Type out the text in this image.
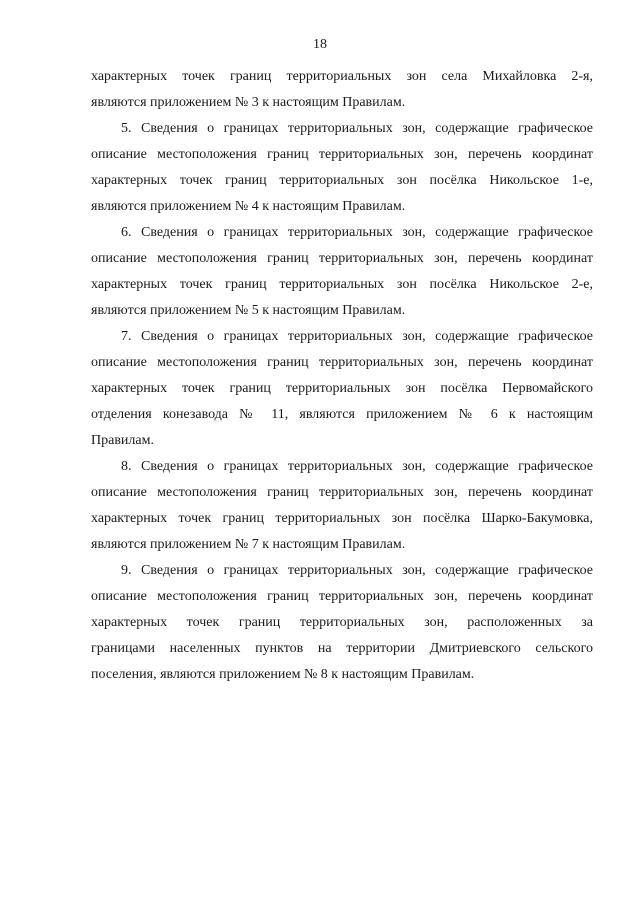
18
характерных точек границ территориальных зон села Михайловка 2-я,
являются приложением № 3 к настоящим Правилам.
5. Сведения о границах территориальных зон, содержащие графическое
описание местоположения границ территориальных зон, перечень координат
характерных точек границ территориальных зон посёлка Никольское 1-е,
являются приложением № 4 к настоящим Правилам.
6. Сведения о границах территориальных зон, содержащие графическое
описание местоположения границ территориальных зон, перечень координат
характерных точек границ территориальных зон посёлка Никольское 2-е,
являются приложением № 5 к настоящим Правилам.
7. Сведения о границах территориальных зон, содержащие графическое
описание местоположения границ территориальных зон, перечень координат
характерных точек границ территориальных зон посёлка Первомайского
отделения конезавода № 11, являются приложением № 6 к настоящим
Правилам.
8. Сведения о границах территориальных зон, содержащие графическое
описание местоположения границ территориальных зон, перечень координат
характерных точек границ территориальных зон посёлка Шарко-Бакумовка,
являются приложением № 7 к настоящим Правилам.
9. Сведения о границах территориальных зон, содержащие графическое
описание местоположения границ территориальных зон, перечень координат
характерных точек границ территориальных зон, расположенных за
границами населенных пунктов на территории Дмитриевского сельского
поселения, являются приложением № 8 к настоящим Правилам.
